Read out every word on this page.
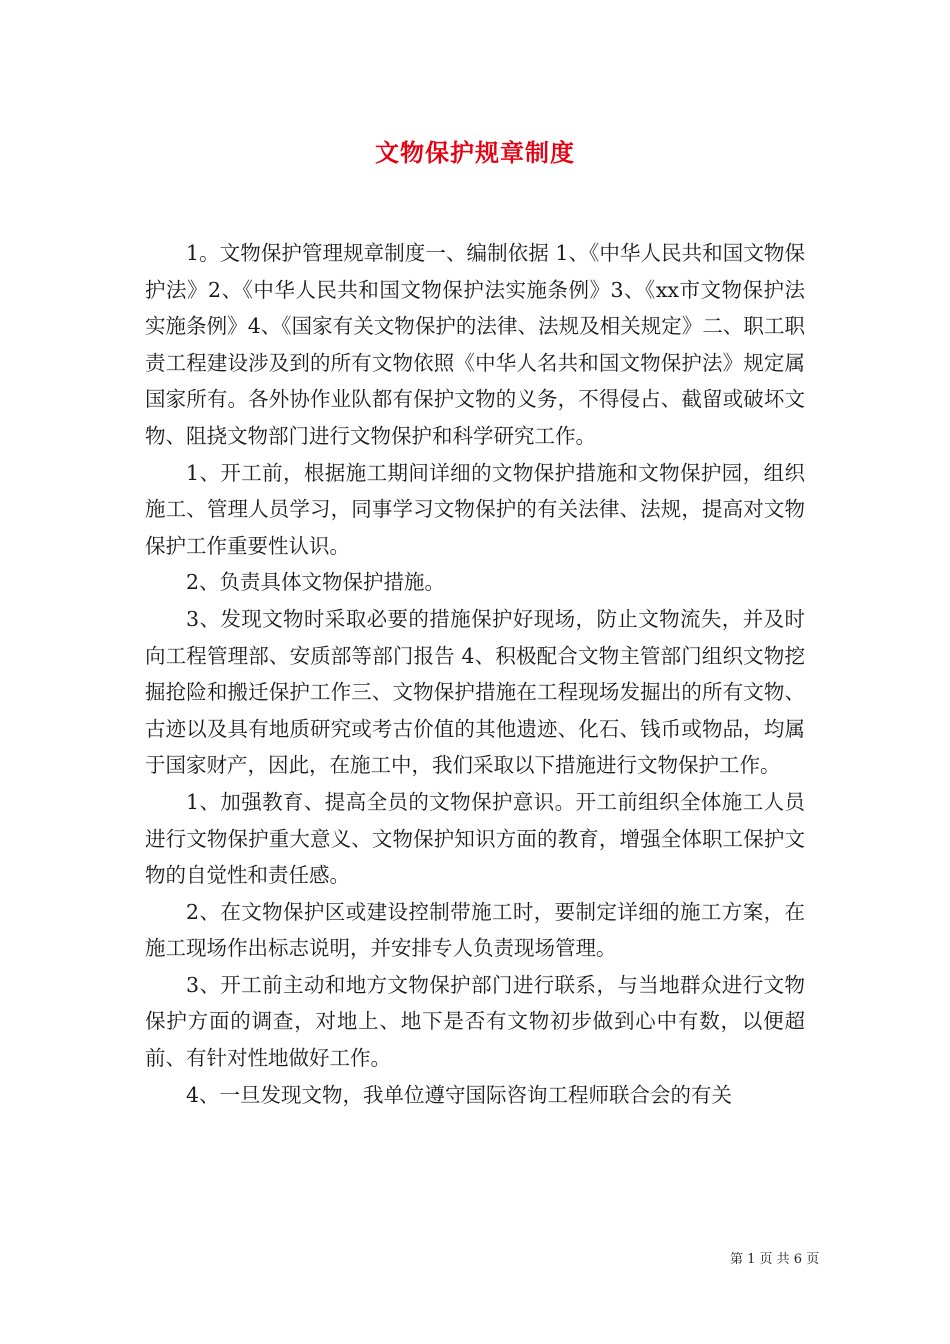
文物保护规章制度

1。文物保护管理规章制度一、编制依据 1、《中华人民共和国文物保护法》2、《中华人民共和国文物保护法实施条例》3、《xx市文物保护法实施条例》4、《国家有关文物保护的法律、法规及相关规定》二、职工职责工程建设涉及到的所有文物依照《中华人名共和国文物保护法》规定属国家所有。各外协作业队都有保护文物的义务，不得侵占、截留或破坏文物、阻挠文物部门进行文物保护和科学研究工作。

1、开工前，根据施工期间详细的文物保护措施和文物保护园，组织施工、管理人员学习，同事学习文物保护的有关法律、法规，提高对文物保护工作重要性认识。

2、负责具体文物保护措施。

3、发现文物时采取必要的措施保护好现场，防止文物流失，并及时向工程管理部、安质部等部门报告 4、积极配合文物主管部门组织文物挖掘抢险和搬迁保护工作三、文物保护措施在工程现场发掘出的所有文物、古迹以及具有地质研究或考古价值的其他遗迹、化石、钱币或物品，均属于国家财产，因此，在施工中，我们采取以下措施进行文物保护工作。

1、加强教育、提高全员的文物保护意识。开工前组织全体施工人员进行文物保护重大意义、文物保护知识方面的教育，增强全体职工保护文物的自觉性和责任感。

2、在文物保护区或建设控制带施工时，要制定详细的施工方案，在施工现场作出标志说明，并安排专人负责现场管理。

3、开工前主动和地方文物保护部门进行联系，与当地群众进行文物保护方面的调查，对地上、地下是否有文物初步做到心中有数，以便超前、有针对性地做好工作。

4、一旦发现文物，我单位遵守国际咨询工程师联合会的有关

第 1 页 共 6 页
